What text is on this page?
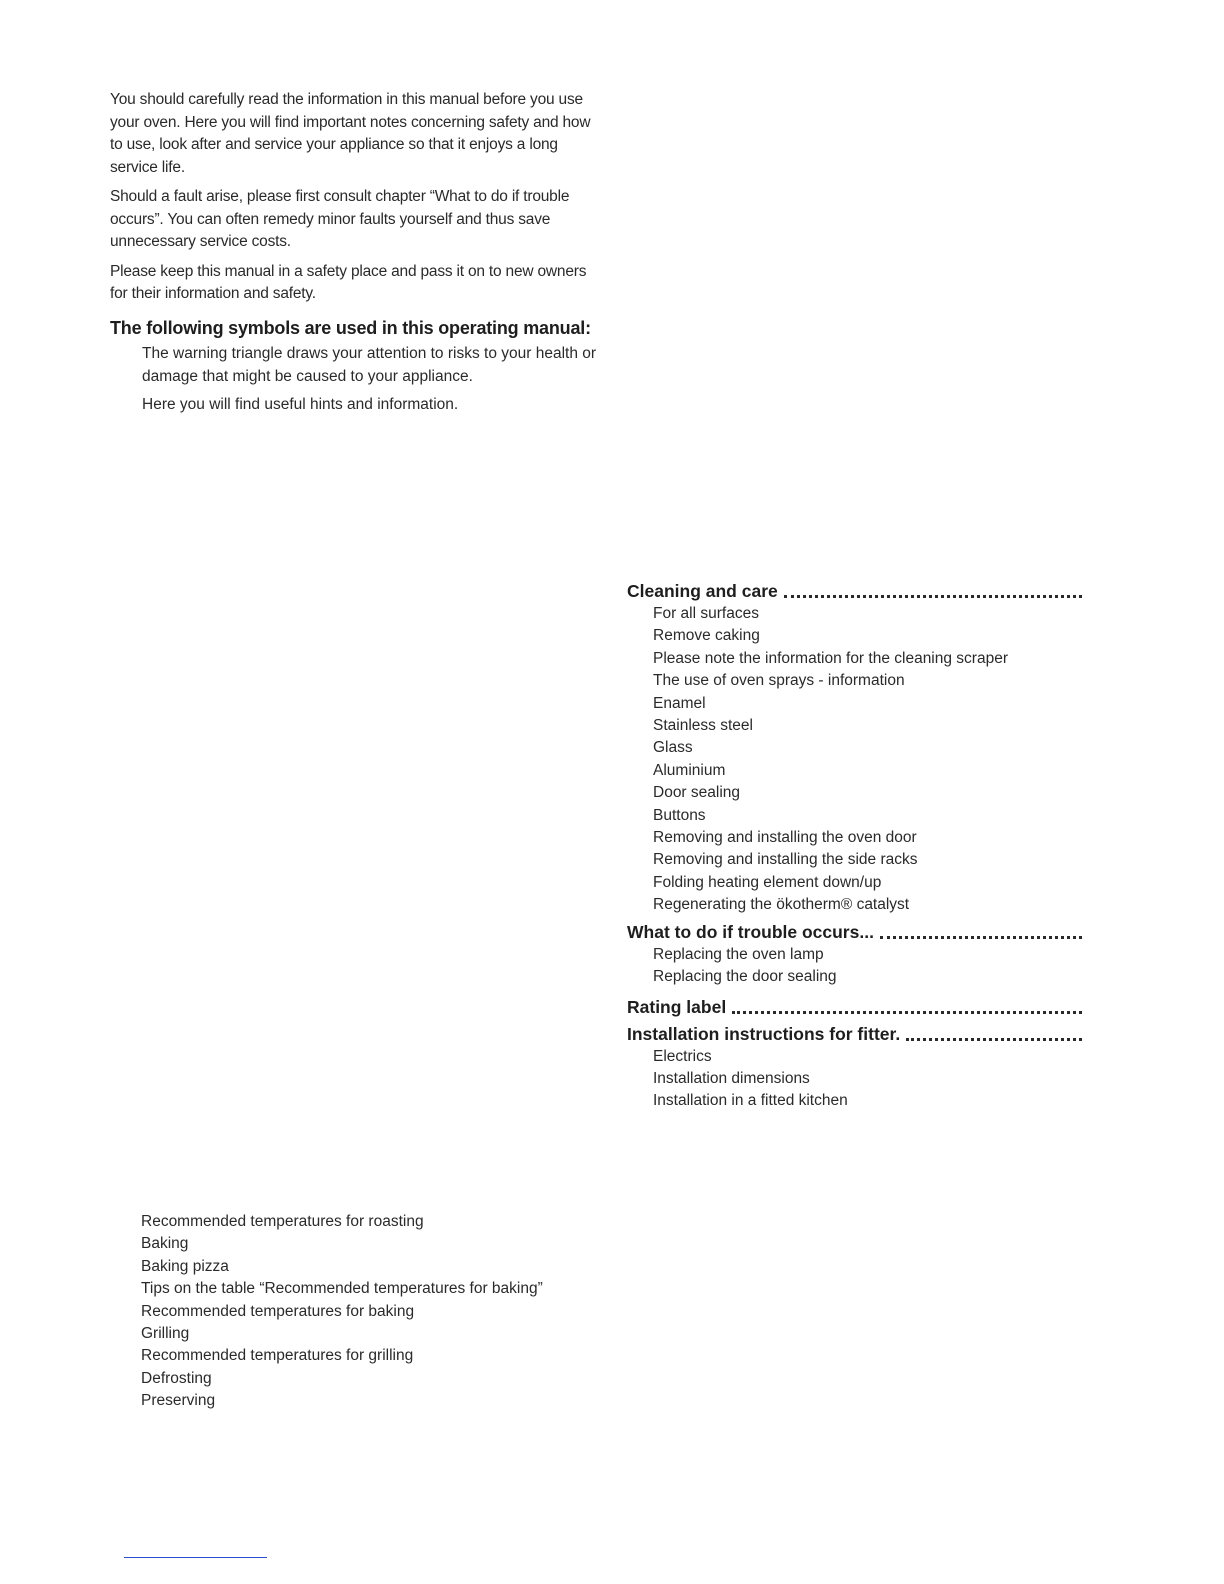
You should carefully read the information in this manual before you use your oven. Here you will find important notes concerning safety and how to use, look after and service your appliance so that it enjoys a long service life.

Should a fault arise, please first consult chapter “What to do if trouble occurs”. You can often remedy minor faults yourself and thus save unnecessary service costs.

Please keep this manual in a safety place and pass it on to new owners for their information and safety.

The following symbols are used in this operating manual:
The warning triangle draws your attention to risks to your health or damage that might be caused to your appliance.
Here you will find useful hints and information.
Cleaning and care
For all surfaces
Remove caking
Please note the information for the cleaning scraper
The use of oven sprays - information
Enamel
Stainless steel
Glass
Aluminium
Door sealing
Buttons
Removing and installing the oven door
Removing and installing the side racks
Folding heating element down/up
Regenerating the ökotherm® catalyst
What to do if trouble occurs...
Replacing the oven lamp
Replacing the door sealing
Rating label
Installation instructions for fitter.
Electrics
Installation dimensions
Installation in a fitted kitchen
Recommended temperatures for roasting
Baking
Baking pizza
Tips on the table “Recommended temperatures for baking”
Recommended temperatures for baking
Grilling
Recommended temperatures for grilling
Defrosting
Preserving
